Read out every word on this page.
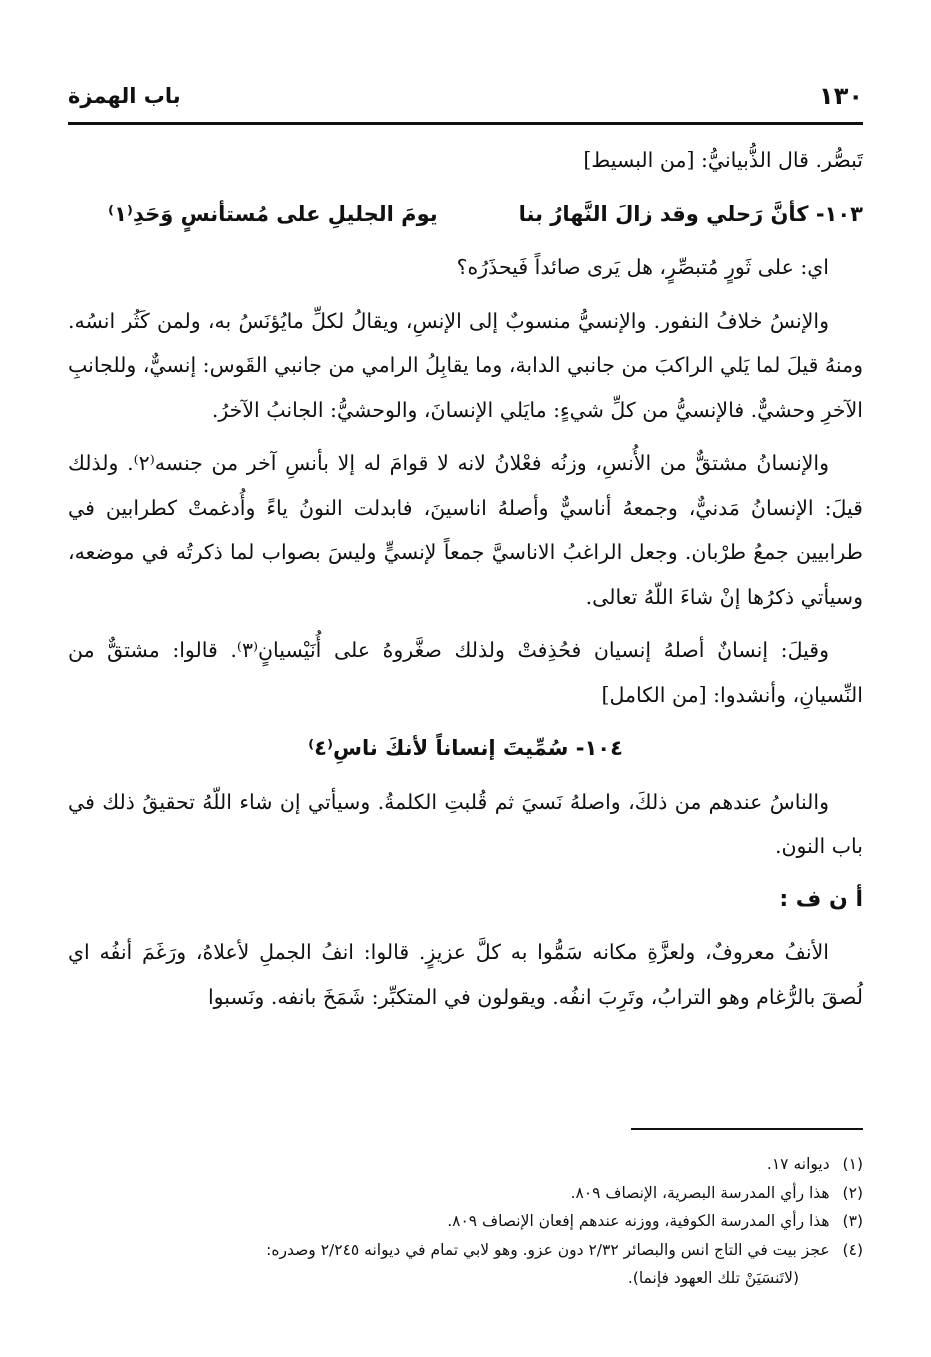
١٣٠
باب الهمزة

تَبصُّر. قال الذُّبيانيُّ: [من البسيط]

١٠٣- كأنَّ رَحلي وقد زالَ النَّهارُ بنا
يومَ الجليلِ على مُستأنسٍ وَحَدِ⁽١⁾

اي: على ثَورٍ مُتبصِّرٍ، هل يَرى صائداً فَيحذَرُه؟

والإنسُ خلافُ النفور. والإنسيُّ منسوبٌ إلى الإنسِ، ويقالُ لكلِّ مايُؤنَسُ به، ولمن كَثُر انسُه. ومنهُ قيلَ لما يَلي الراكبَ من جانبي الدابة، وما يقابِلُ الرامي من جانبي القَوس: إنسيٌّ، وللجانبِ الآخرِ وحشيٌّ. فالإنسيُّ من كلِّ شيءٍ: مايَلي الإنسانَ، والوحشيُّ: الجانبُ الآخرُ.

والإنسانُ مشتقٌّ من الأُنسِ، وزنُه فعْلانُ لانه لا قوامَ له إلا بأنسِ آخر من جنسه⁽٢⁾. ولذلك قيلَ: الإنسانُ مَدنيٌّ، وجمعهُ أناسيٌّ وأصلهُ اناسينَ، فابدلت النونُ ياءً وأُدغمتْ كطرابين في طرابيين جمعُ طرْبان. وجعل الراغبُ الاناسيَّ جمعاً لإنسيٍّ وليسَ بصواب لما ذكرتُه في موضعه، وسيأتي ذكرُها إنْ شاءَ اللّهُ تعالى.

وقيلَ: إنسانٌ أصلهُ إنسيان فحُذِفتْ ولذلك صغَّروهُ على أُنَيْسيانٍ⁽٣⁾. قالوا: مشتقٌّ من النِّسيانِ، وأنشدوا: [من الكامل]

١٠٤- سُمِّيتَ إنساناً لأنكَ ناسِ⁽٤⁾

والناسُ عندهم من ذلكَ، واصلهُ نَسيَ ثم قُلبتِ الكلمةُ. وسيأتي إن شاء اللّهُ تحقيقُ ذلك في باب النون.

أ ن ف :

الأنفُ معروفٌ، ولعزَّةِ مكانه سَمُّوا به كلَّ عزيزٍ. قالوا: انفُ الجملِ لأعلاهُ، ورَغَمَ أنفُه اي لُصقَ بالرُّغام وهو الترابُ، وتَرِبَ انفُه. ويقولون في المتكبِّر: شَمَخَ بانفه. ونَسبوا

(١) ديوانه ١٧.

(٢) هذا رأي المدرسة البصرية، الإنصاف ٨٠٩.

(٣) هذا رأي المدرسة الكوفية، ووزنه عندهم إفعان الإنصاف ٨٠٩.

(٤) عجز بيت في التاج انس والبصائر ٢/٣٢ دون عزو. وهو لابي تمام في ديوانه ٢/٢٤٥ وصدره:

(لاتَنسَيَنْ تلك العهود فإنما).
